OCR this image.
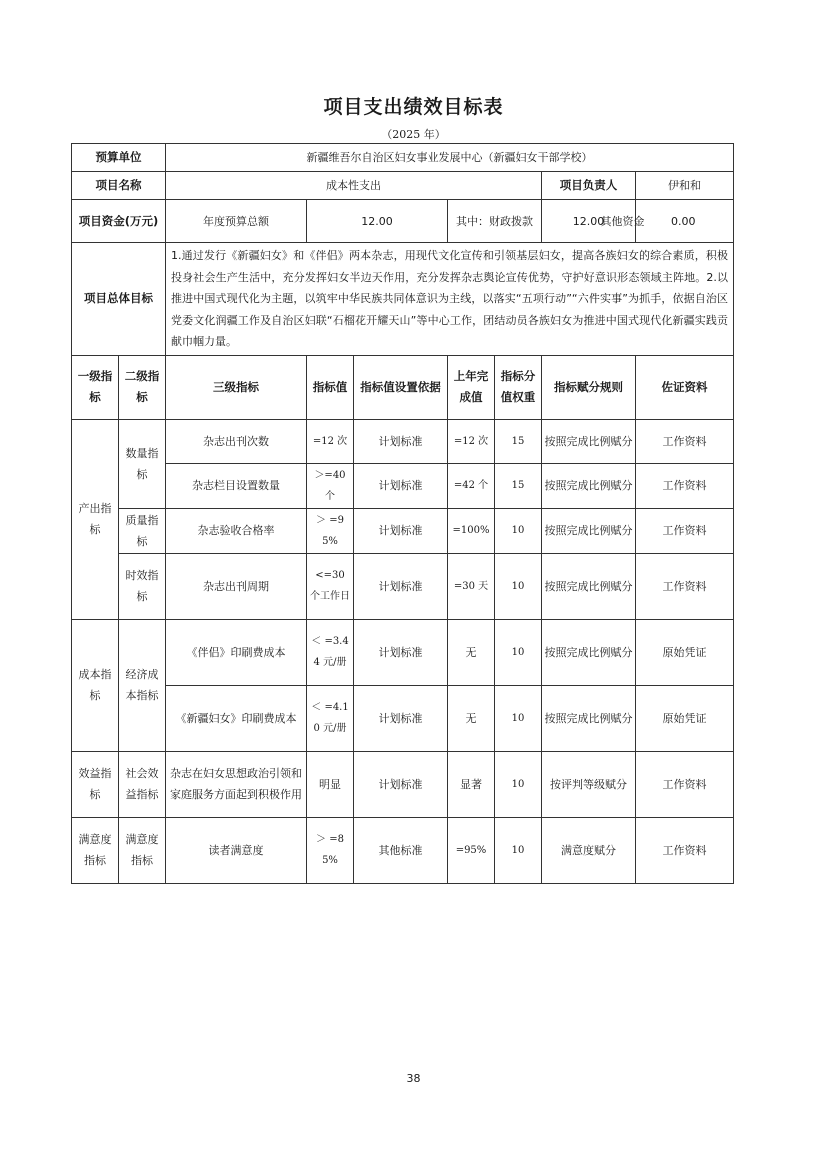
项目支出绩效目标表
（2025 年）
预算单位		新疆维吾尔自治区妇女事业发展中心（新疆妇女干部学校）						
项目名称		成本性支出					项目负责人	伊和和
项目资金(万元)		年度预算总额	12.00		其中：财政拨款		12.00	其他资金 0.00
项目总体目标		1.通过发行《新疆妇女》和《伴侣》两本杂志，用现代文化宣传和引领基层妇女，提高各族妇女的综合素质，积极投身社会生产生活中，充分发挥妇女半边天作用，充分发挥杂志舆论宣传优势，守护好意识形态领域主阵地。2.以推进中国式现代化为主题，以筑牢中华民族共同体意识为主线，以落实“五项行动”“六件实事”为抓手，依据自治区党委文化润疆工作及自治区妇联“石榴花开耀天山”等中心工作，团结动员各族妇女为推进中国式现代化新疆实践贡献巾帼力量。						
一级指标	二级指标	三级指标	指标值	指标值设置依据	上年完成值	指标分值权重	指标赋分规则	佐证资料
产出指标	数量指标	杂志出刊次数	=12 次	计划标准	=12 次	15	按照完成比例赋分	工作资料
		杂志栏目设置数量	＞=40 个	计划标准	=42 个	15	按照完成比例赋分	工作资料
	质量指标	杂志验收合格率	＞ =95%	计划标准	=100%	10	按照完成比例赋分	工作资料
	时效指标	杂志出刊周期	<=30 个工作日	计划标准	=30 天	10	按照完成比例赋分	工作资料
成本指标	经济成本指标	《伴侣》印刷费成本	＜ =3.44 元/册	计划标准	无	10	按照完成比例赋分	原始凭证
		《新疆妇女》印刷费成本	＜ =4.10 元/册	计划标准	无	10	按照完成比例赋分	原始凭证
效益指标	社会效益指标	杂志在妇女思想政治引领和家庭服务方面起到积极作用	明显	计划标准	显著	10	按评判等级赋分	工作资料
满意度指标	满意度指标	读者满意度	＞ =85%	其他标准	=95%	10	满意度赋分	工作资料
38
